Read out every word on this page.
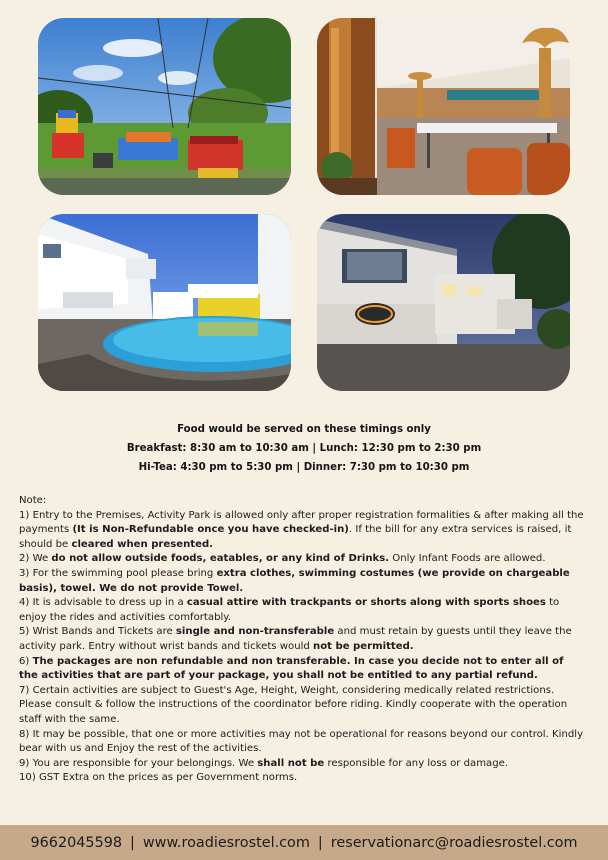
Food would be served on these timings only
Breakfast: 8:30 am to 10:30 am | Lunch: 12:30 pm to 2:30 pm
Hi-Tea: 4:30 pm to 5:30 pm | Dinner: 7:30 pm to 10:30 pm

Note:

1) Entry to the Premises, Activity Park is allowed only after proper registration formalities & after making all the payments (It is Non-Refundable once you have checked-in). If the bill for any extra services is raised, it should be cleared when presented.

2) We do not allow outside foods, eatables, or any kind of Drinks. Only Infant Foods are allowed.

3) For the swimming pool please bring extra clothes, swimming costumes (we provide on chargeable basis), towel. We do not provide Towel.

4) It is advisable to dress up in a casual attire with trackpants or shorts along with sports shoes to enjoy the rides and activities comfortably.

5) Wrist Bands and Tickets are single and non-transferable and must retain by guests until they leave the activity park. Entry without wrist bands and tickets would not be permitted.

6) The packages are non refundable and non transferable. In case you decide not to enter all of the activities that are part of your package, you shall not be entitled to any partial refund.

7) Certain activities are subject to Guest's Age, Height, Weight, considering medically related restrictions. Please consult & follow the instructions of the coordinator before riding. Kindly cooperate with the operation staff with the same.

8) It may be possible, that one or more activities may not be operational for reasons beyond our control. Kindly bear with us and Enjoy the rest of the activities.

9) You are responsible for your belongings. We shall not be responsible for any loss or damage.

10) GST Extra on the prices as per Government norms.

9662045598 | www.roadiesrostel.com | reservationarc@roadiesrostel.com
